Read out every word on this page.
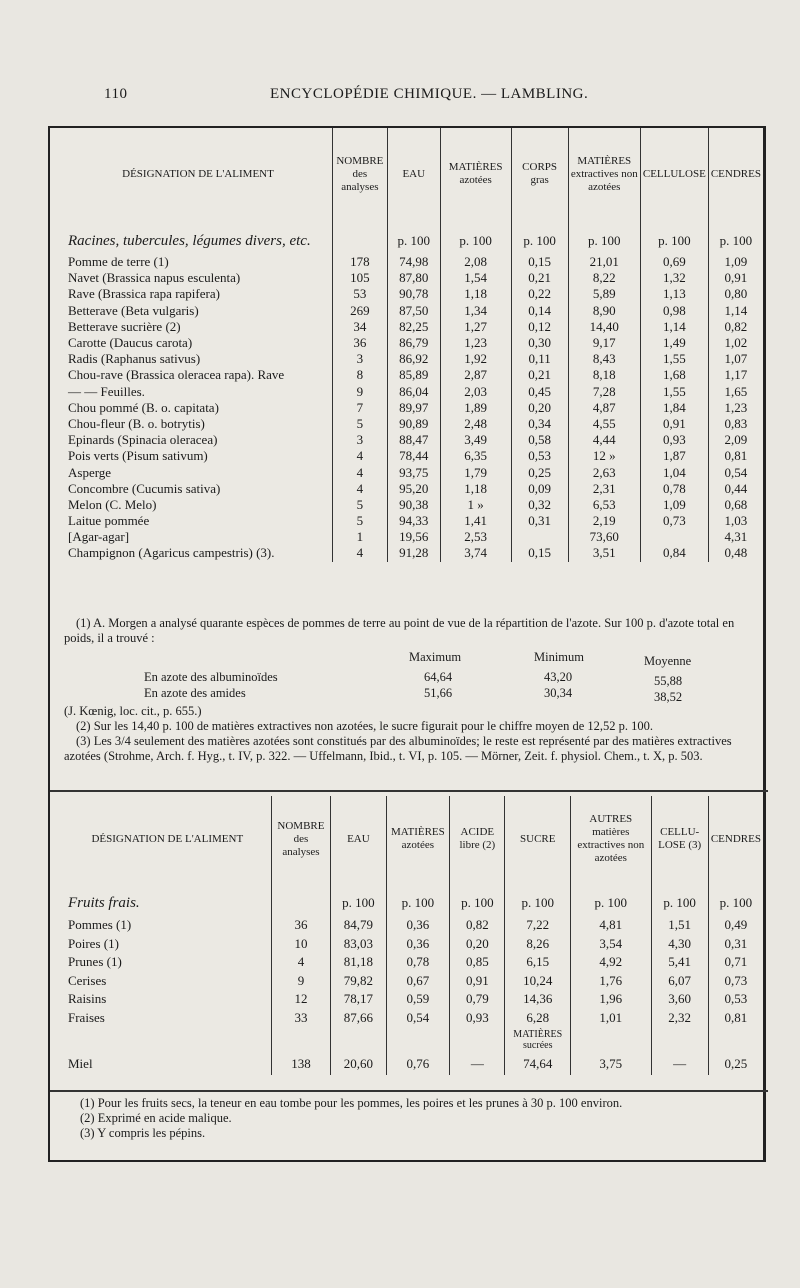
110	ENCYCLOPÉDIE CHIMIQUE. — LAMBLING.
DÉSIGNATION DE L'ALIMENT	NOMBRE des analyses	EAU	MATIÈRES azotées	CORPS gras	MATIÈRES extractives non azotées	CELLULOSE	CENDRES

Racines, tubercules, légumes divers, etc.		p. 100	p. 100	p. 100	p. 100	p. 100	p. 100
Pomme de terre (1)	178	74,98	2,08	0,15	21,01	0,69	1,09
Navet (Brassica napus esculenta)	105	87,80	1,54	0,21	8,22	1,32	0,91
Rave (Brassica rapa rapifera)	53	90,78	1,18	0,22	5,89	1,13	0,80
Betterave (Beta vulgaris)	269	87,50	1,34	0,14	8,90	0,98	1,14
Betterave sucrière (2)	34	82,25	1,27	0,12	14,40	1,14	0,82
Carotte (Daucus carota)	36	86,79	1,23	0,30	9,17	1,49	1,02
Radis (Raphanus sativus)	3	86,92	1,92	0,11	8,43	1,55	1,07
Chou-rave (Brassica oleracea rapa). Rave	8	85,89	2,87	0,21	8,18	1,68	1,17
— — Feuilles.	9	86,04	2,03	0,45	7,28	1,55	1,65
Chou pommé (B. o. capitata)	7	89,97	1,89	0,20	4,87	1,84	1,23
Chou-fleur (B. o. botrytis)	5	90,89	2,48	0,34	4,55	0,91	0,83
Epinards (Spinacia oleracea)	3	88,47	3,49	0,58	4,44	0,93	2,09
Pois verts (Pisum sativum)	4	78,44	6,35	0,53	12 »	1,87	0,81
Asperge	4	93,75	1,79	0,25	2,63	1,04	0,54
Concombre (Cucumis sativa)	4	95,20	1,18	0,09	2,31	0,78	0,44
Melon (C. Melo)	5	90,38	1 »	0,32	6,53	1,09	0,68
Laitue pommée	5	94,33	1,41	0,31	2,19	0,73	1,03
[Agar-agar]	1	19,56	2,53		73,60		4,31
Champignon (Agaricus campestris) (3).	4	91,28	3,74	0,15	3,51	0,84	0,48

(1) A. Morgen a analysé quarante espèces de pommes de terre au point de vue de la répartition de l'azote. Sur 100 p. d'azote total en poids, il a trouvé :

Maximum	Minimum	Moyenne
En azote des albuminoïdes	64,64	43,20	55,88
En azote des amides	51,66	30,34	38,52

(J. Kœnig, loc. cit., p. 655.)

(2) Sur les 14,40 p. 100 de matières extractives non azotées, le sucre figurait pour le chiffre moyen de 12,52 p. 100.

(3) Les 3/4 seulement des matières azotées sont constitués par des albuminoïdes; le reste est représenté par des matières extractives azotées (Strohme, Arch. f. Hyg., t. IV, p. 322. — Uffelmann, Ibid., t. VI, p. 105. — Mörner, Zeit. f. physiol. Chem., t. X, p. 503.

DÉSIGNATION DE L'ALIMENT	NOMBRE des analyses	EAU	MATIÈRES azotées	ACIDE libre (2)	SUCRE	AUTRES matières extractives non azotées	CELLU-LOSE (3)	CENDRES

Fruits frais.		p. 100	p. 100	p. 100	p. 100	p. 100	p. 100	p. 100
Pommes (1)	36	84,79	0,36	0,82	7,22	4,81	1,51	0,49
Poires (1)	10	83,03	0,36	0,20	8,26	3,54	4,30	0,31
Prunes (1)	4	81,18	0,78	0,85	6,15	4,92	5,41	0,71
Cerises	9	79,82	0,67	0,91	10,24	1,76	6,07	0,73
Raisins	12	78,17	0,59	0,79	14,36	1,96	3,60	0,53
Fraises	33	87,66	0,54	0,93	6,28	1,01	2,32	0,81
					MATIÈRES sucrées			
Miel	138	20,60	0,76	—	74,64	3,75	—	0,25

(1) Pour les fruits secs, la teneur en eau tombe pour les pommes, les poires et les prunes à 30 p. 100 environ.

(2) Exprimé en acide malique.

(3) Y compris les pépins.
